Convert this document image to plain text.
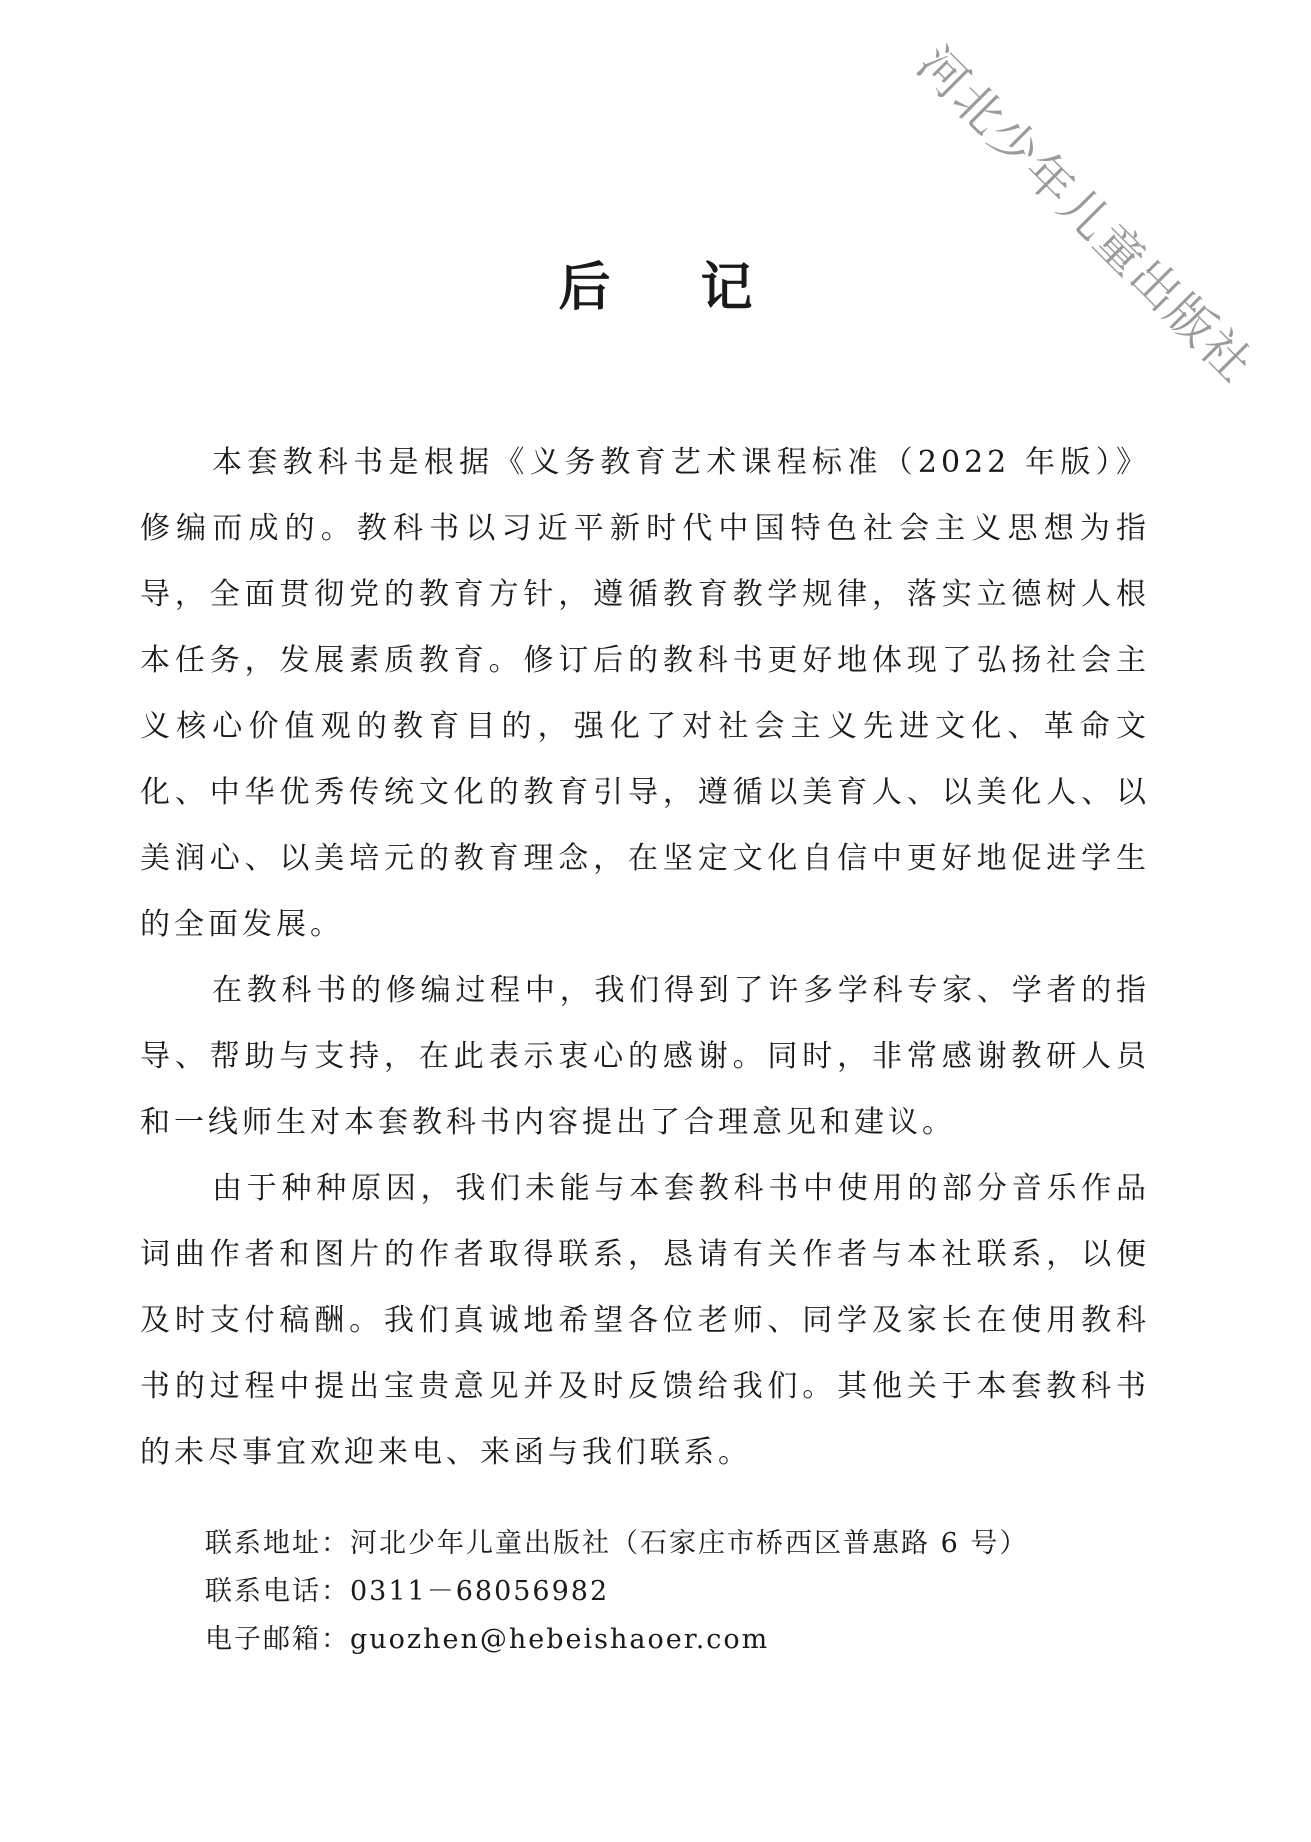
河北少年儿童出版社
后 记

本套教科书是根据《义务教育艺术课程标准（2022 年版）》修编而成的。教科书以习近平新时代中国特色社会主义思想为指导，全面贯彻党的教育方针，遵循教育教学规律，落实立德树人根本任务，发展素质教育。修订后的教科书更好地体现了弘扬社会主义核心价值观的教育目的，强化了对社会主义先进文化、革命文化、中华优秀传统文化的教育引导，遵循以美育人、以美化人、以美润心、以美培元的教育理念，在坚定文化自信中更好地促进学生的全面发展。

在教科书的修编过程中，我们得到了许多学科专家、学者的指导、帮助与支持，在此表示衷心的感谢。同时，非常感谢教研人员和一线师生对本套教科书内容提出了合理意见和建议。

由于种种原因，我们未能与本套教科书中使用的部分音乐作品词曲作者和图片的作者取得联系，恳请有关作者与本社联系，以便及时支付稿酬。我们真诚地希望各位老师、同学及家长在使用教科书的过程中提出宝贵意见并及时反馈给我们。其他关于本套教科书的未尽事宜欢迎来电、来函与我们联系。

联系地址：河北少年儿童出版社（石家庄市桥西区普惠路 6 号）
联系电话：0311－68056982
电子邮箱：guozhen@hebeishaoer.com
